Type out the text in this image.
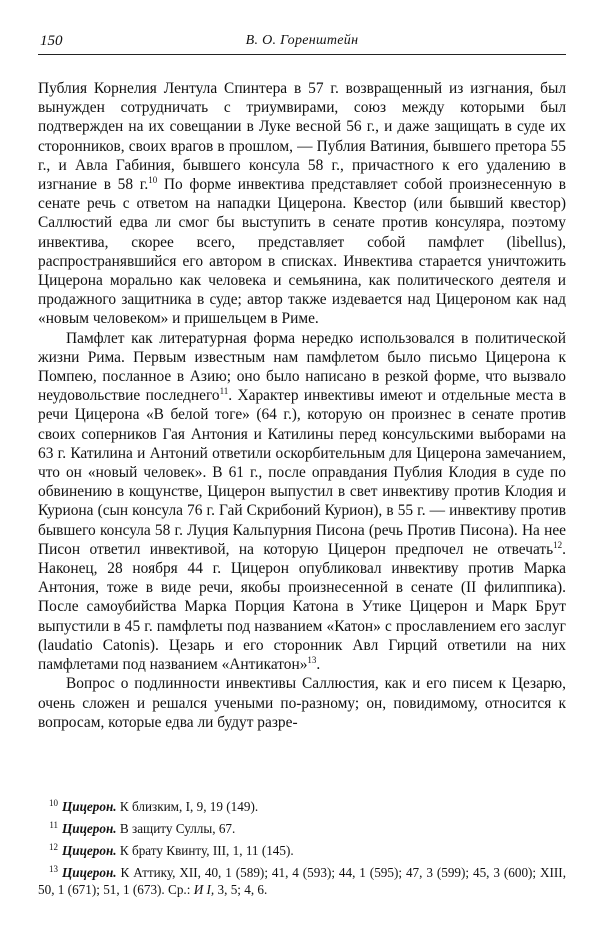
150	В. О. Горенштейн

Публия Корнелия Лентула Спинтера в 57 г. возвращенный из изгнания, был вынужден сотрудничать с триумвирами, союз между которыми был подтвержден на их совещании в Луке весной 56 г., и даже защищать в суде их сторонников, своих врагов в прошлом, — Публия Ватиния, бывшего претора 55 г., и Авла Габиния, бывшего консула 58 г., причастного к его удалению в изгнание в 58 г.$^{10}$ По форме инвектива представляет собой произнесенную в сенате речь с ответом на нападки Цицерона. Квестор (или бывший квестор) Саллюстий едва ли смог бы выступить в сенате против консуляра, поэтому инвектива, скорее всего, представляет собой памфлет (libellus), распространявшийся его автором в списках. Инвектива старается уничтожить Цицерона морально как человека и семьянина, как политического деятеля и продажного защитника в суде; автор также издевается над Цицероном как над «новым человеком» и пришельцем в Риме.

Памфлет как литературная форма нередко использовался в политической жизни Рима. Первым известным нам памфлетом было письмо Цицерона к Помпею, посланное в Азию; оно было написано в резкой форме, что вызвало неудовольствие последнего$^{11}$. Характер инвективы имеют и отдельные места в речи Цицерона «В белой тоге» (64 г.), которую он произнес в сенате против своих соперников Гая Антония и Катилины перед консульскими выборами на 63 г. Катилина и Антоний ответили оскорбительным для Цицерона замечанием, что он «новый человек». В 61 г., после оправдания Публия Клодия в суде по обвинению в кощунстве, Цицерон выпустил в свет инвективу против Клодия и Куриона (сын консула 76 г. Гай Скрибоний Курион), в 55 г. — инвективу против бывшего консула 58 г. Луция Кальпурния Писона (речь Против Писона). На нее Писон ответил инвективой, на которую Цицерон предпочел не отвечать$^{12}$. Наконец, 28 ноября 44 г. Цицерон опубликовал инвективу против Марка Антония, тоже в виде речи, якобы произнесенной в сенате (II филиппика). После самоубийства Марка Порция Катона в Утике Цицерон и Марк Брут выпустили в 45 г. памфлеты под названием «Катон» с прославлением его заслуг (laudatio Catonis). Цезарь и его сторонник Авл Гирций ответили на них памфлетами под названием «Антикатон»$^{13}$.

Вопрос о подлинности инвективы Саллюстия, как и его писем к Цезарю, очень сложен и решался учеными по-разному; он, повидимому, относится к вопросам, которые едва ли будут разре-

10 Цицерон. К близким, I, 9, 19 (149).

11 Цицерон. В защиту Суллы, 67.

12 Цицерон. К брату Квинту, III, 1, 11 (145).

13 Цицерон. К Аттику, XII, 40, 1 (589); 41, 4 (593); 44, 1 (595); 47, 3 (599); 45, 3 (600); XIII, 50, 1 (671); 51, 1 (673). Ср.: И I, 3, 5; 4, 6.
